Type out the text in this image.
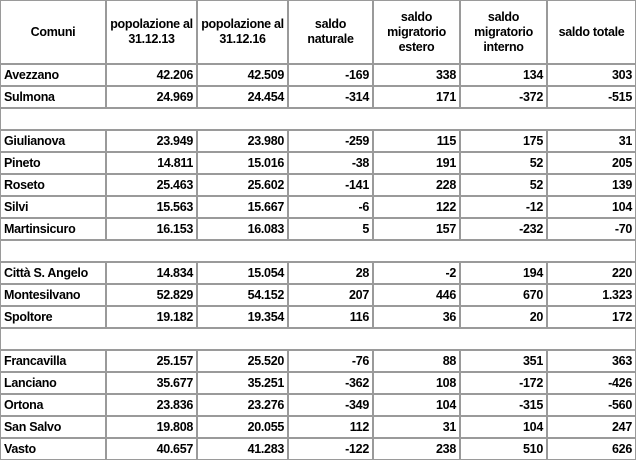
Comuni	popolazione al 31.12.13	popolazione al 31.12.16	saldo naturale	saldo migratorio estero	saldo migratorio interno	saldo totale
Avezzano	42.206	42.509	-169	338	134	303
Sulmona	24.969	24.454	-314	171	-372	-515

Giulianova	23.949	23.980	-259	115	175	31
Pineto	14.811	15.016	-38	191	52	205
Roseto	25.463	25.602	-141	228	52	139
Silvi	15.563	15.667	-6	122	-12	104
Martinsicuro	16.153	16.083	5	157	-232	-70

Città S. Angelo	14.834	15.054	28	-2	194	220
Montesilvano	52.829	54.152	207	446	670	1.323
Spoltore	19.182	19.354	116	36	20	172

Francavilla	25.157	25.520	-76	88	351	363
Lanciano	35.677	35.251	-362	108	-172	-426
Ortona	23.836	23.276	-349	104	-315	-560
San Salvo	19.808	20.055	112	31	104	247
Vasto	40.657	41.283	-122	238	510	626
